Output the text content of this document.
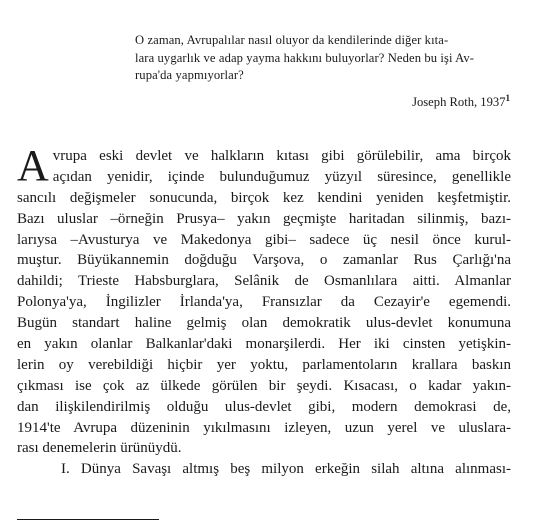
O zaman, Avrupalılar nasıl oluyor da kendilerinde diğer kıta-
lara uygarlık ve adap yayma hakkını buluyorlar? Neden bu işi Av-
rupa'da yapmıyorlar?
Joseph Roth, 1937$^1$
A vrupa eski devlet ve halkların kıtası gibi görülebilir, ama birçok
açıdan yenidir, içinde bulunduğumuz yüzyıl süresince, genellikle
sancılı değişmeler sonucunda, birçok kez kendini yeniden keşfetmiştir.
Bazı uluslar –örneğin Prusya– yakın geçmişte haritadan silinmiş, bazı-
larıysa –Avusturya ve Makedonya gibi– sadece üç nesil önce kurul-
muştur. Büyükannemin doğduğu Varşova, o zamanlar Rus Çarlığı'na
dahildi; Trieste Habsburglara, Selânik de Osmanlılara aitti. Almanlar
Polonya'ya, İngilizler İrlanda'ya, Fransızlar da Cezayir'e egemendi.
Bugün standart haline gelmiş olan demokratik ulus-devlet konumuna
en yakın olanlar Balkanlar'daki monarşilerdi. Her iki cinsten yetişkin-
lerin oy verebildiği hiçbir yer yoktu, parlamentoların krallara baskın
çıkması ise çok az ülkede görülen bir şeydi. Kısacası, o kadar yakın-
dan ilişkilendirilmiş olduğu ulus-devlet gibi, modern demokrasi de,
1914'te Avrupa düzeninin yıkılmasını izleyen, uzun yerel ve uluslara-
rası denemelerin ürünüydü.
I. Dünya Savaşı altmış beş milyon erkeğin silah altına alınması-
